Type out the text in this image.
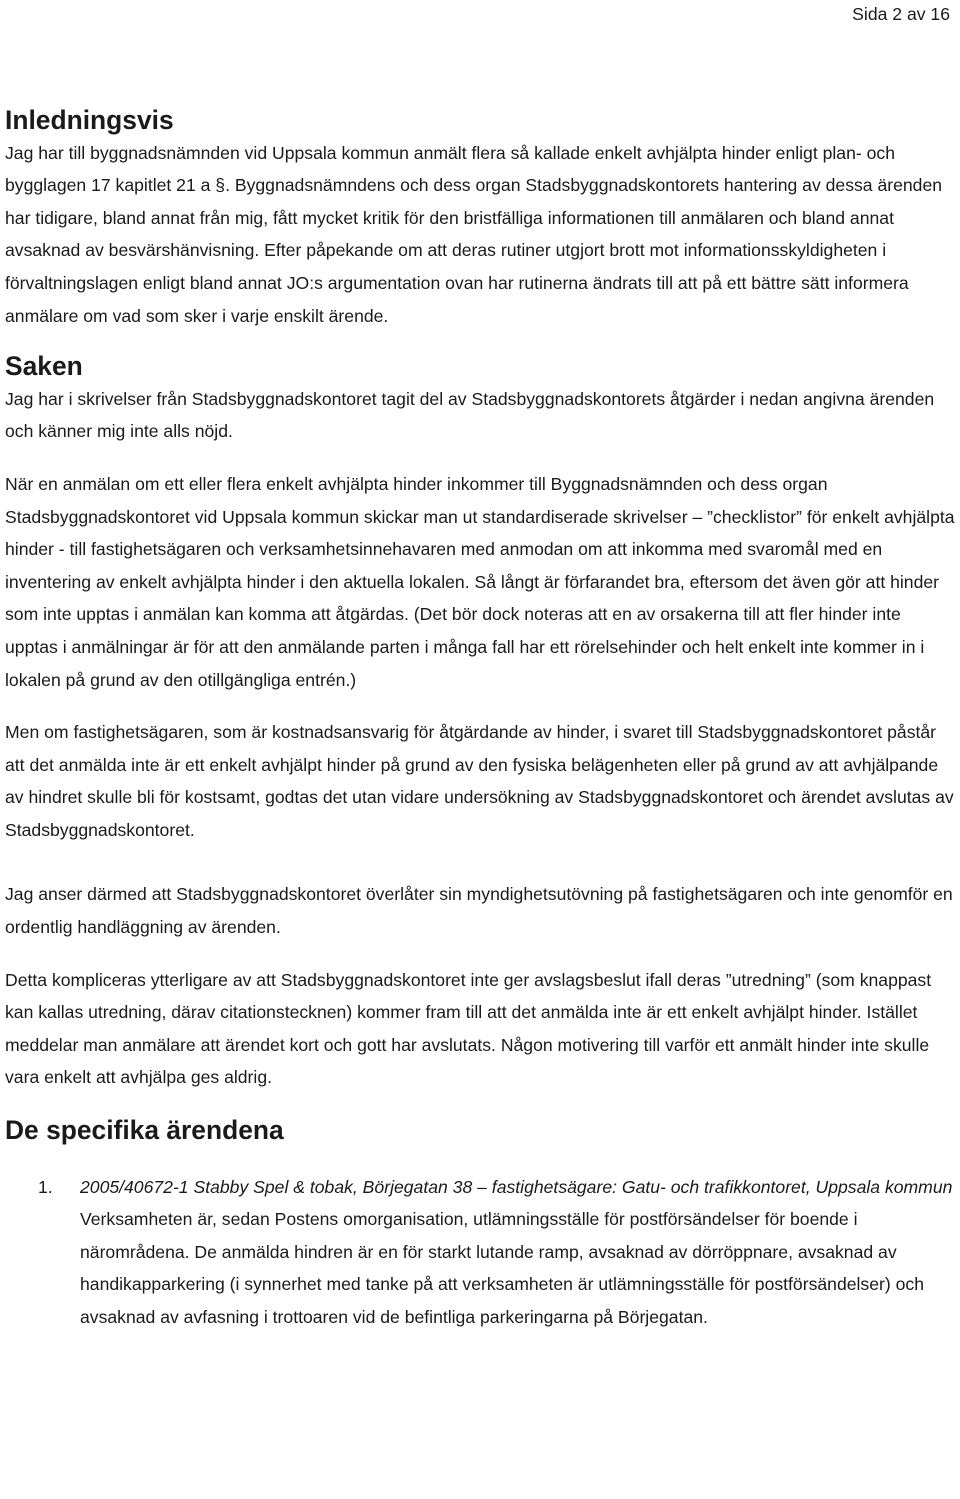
Sida 2 av 16
Inledningsvis

Jag har till byggnadsnämnden vid Uppsala kommun anmält flera så kallade enkelt avhjälpta hinder enligt plan- och bygglagen 17 kapitlet 21 a §. Byggnadsnämndens och dess organ Stadsbyggnadskontorets hantering av dessa ärenden har tidigare, bland annat från mig, fått mycket kritik för den bristfälliga informationen till anmälaren och bland annat avsaknad av besvärshänvisning. Efter påpekande om att deras rutiner utgjort brott mot informationsskyldigheten i förvaltningslagen enligt bland annat JO:s argumentation ovan har rutinerna ändrats till att på ett bättre sätt informera anmälare om vad som sker i varje enskilt ärende.

Saken

Jag har i skrivelser från Stadsbyggnadskontoret tagit del av Stadsbyggnadskontorets åtgärder i nedan angivna ärenden och känner mig inte alls nöjd.

När en anmälan om ett eller flera enkelt avhjälpta hinder inkommer till Byggnadsnämnden och dess organ Stadsbyggnadskontoret vid Uppsala kommun skickar man ut standardiserade skrivelser – ”checklistor” för enkelt avhjälpta hinder - till fastighetsägaren och verksamhetsinnehavaren med anmodan om att inkomma med svaromål med en inventering av enkelt avhjälpta hinder i den aktuella lokalen. Så långt är förfarandet bra, eftersom det även gör att hinder som inte upptas i anmälan kan komma att åtgärdas. (Det bör dock noteras att en av orsakerna till att fler hinder inte upptas i anmälningar är för att den anmälande parten i många fall har ett rörelsehinder och helt enkelt inte kommer in i lokalen på grund av den otillgängliga entrén.)

Men om fastighetsägaren, som är kostnadsansvarig för åtgärdande av hinder, i svaret till Stadsbyggnadskontoret påstår att det anmälda inte är ett enkelt avhjälpt hinder på grund av den fysiska belägenheten eller på grund av att avhjälpande av hindret skulle bli för kostsamt, godtas det utan vidare undersökning av Stadsbyggnadskontoret och ärendet avslutas av Stadsbyggnadskontoret.

Jag anser därmed att Stadsbyggnadskontoret överlåter sin myndighetsutövning på fastighetsägaren och inte genomför en ordentlig handläggning av ärenden.

Detta kompliceras ytterligare av att Stadsbyggnadskontoret inte ger avslagsbeslut ifall deras ”utredning” (som knappast kan kallas utredning, därav citationstecknen) kommer fram till att det anmälda inte är ett enkelt avhjälpt hinder. Istället meddelar man anmälare att ärendet kort och gott har avslutats. Någon motivering till varför ett anmält hinder inte skulle vara enkelt att avhjälpa ges aldrig.

De specifika ärendena
1. 2005/40672-1 Stabby Spel & tobak, Börjegatan 38 – fastighetsägare: Gatu- och trafikkontoret, Uppsala kommun
Verksamheten är, sedan Postens omorganisation, utlämningsställe för postförsändelser för boende i närområdena. De anmälda hindren är en för starkt lutande ramp, avsaknad av dörröppnare, avsaknad av handikapparkering (i synnerhet med tanke på att verksamheten är utlämningsställe för postförsändelser) och avsaknad av avfasning i trottoaren vid de befintliga parkeringarna på Börjegatan.
